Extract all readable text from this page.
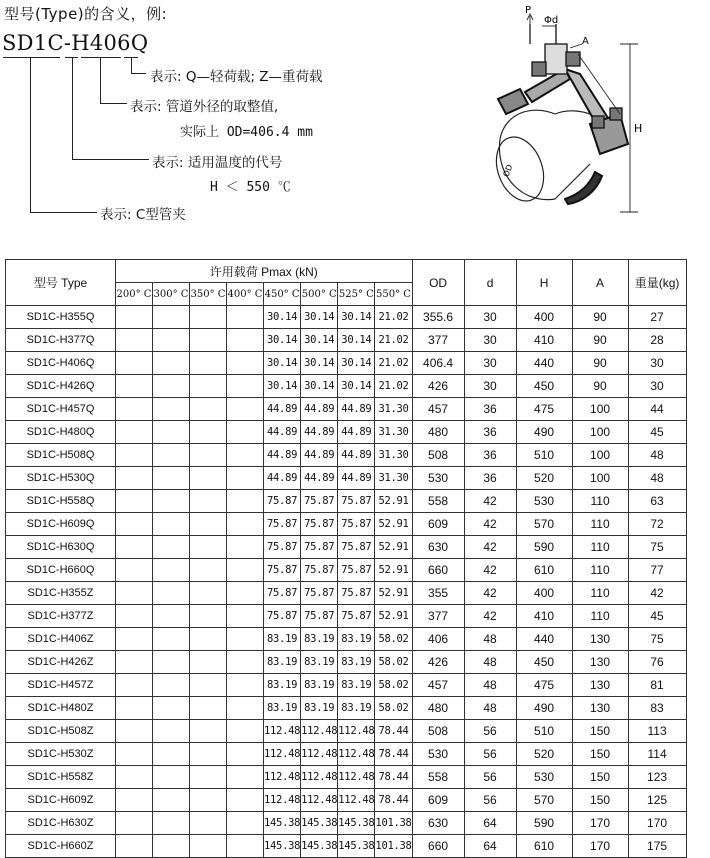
型号(Type)的含义，例:
SD1C-H406Q
表示: Q—轻荷载; Z—重荷载
表示: 管道外径的取整值,
实际上 OD=406.4 mm
表示: 适用温度的代号
H ＜ 550 ℃
表示: C型管夹
P
Φd
A
H
OD
型号 Type	许用载荷 Pmax (kN)								OD	d	H	A	重量(kg)
	200° C	300° C	350° C	400° C	450° C	500° C	525° C	550° C					
SD1C-H355Q					30.14	30.14	30.14	21.02	355.6	30	400	90	27
SD1C-H377Q					30.14	30.14	30.14	21.02	377	30	410	90	28
SD1C-H406Q					30.14	30.14	30.14	21.02	406.4	30	440	90	30
SD1C-H426Q					30.14	30.14	30.14	21.02	426	30	450	90	30
SD1C-H457Q					44.89	44.89	44.89	31.30	457	36	475	100	44
SD1C-H480Q					44.89	44.89	44.89	31.30	480	36	490	100	45
SD1C-H508Q					44.89	44.89	44.89	31.30	508	36	510	100	48
SD1C-H530Q					44.89	44.89	44.89	31.30	530	36	520	100	48
SD1C-H558Q					75.87	75.87	75.87	52.91	558	42	530	110	63
SD1C-H609Q					75.87	75.87	75.87	52.91	609	42	570	110	72
SD1C-H630Q					75.87	75.87	75.87	52.91	630	42	590	110	75
SD1C-H660Q					75.87	75.87	75.87	52.91	660	42	610	110	77
SD1C-H355Z					75.87	75.87	75.87	52.91	355	42	400	110	42
SD1C-H377Z					75.87	75.87	75.87	52.91	377	42	410	110	45
SD1C-H406Z					83.19	83.19	83.19	58.02	406	48	440	130	75
SD1C-H426Z					83.19	83.19	83.19	58.02	426	48	450	130	76
SD1C-H457Z					83.19	83.19	83.19	58.02	457	48	475	130	81
SD1C-H480Z					83.19	83.19	83.19	58.02	480	48	490	130	83
SD1C-H508Z					112.48	112.48	112.48	78.44	508	56	510	150	113
SD1C-H530Z					112.48	112.48	112.48	78.44	530	56	520	150	114
SD1C-H558Z					112.48	112.48	112.48	78.44	558	56	530	150	123
SD1C-H609Z					112.48	112.48	112.48	78.44	609	56	570	150	125
SD1C-H630Z					145.38	145.38	145.38	101.38	630	64	590	170	170
SD1C-H660Z					145.38	145.38	145.38	101.38	660	64	610	170	175
